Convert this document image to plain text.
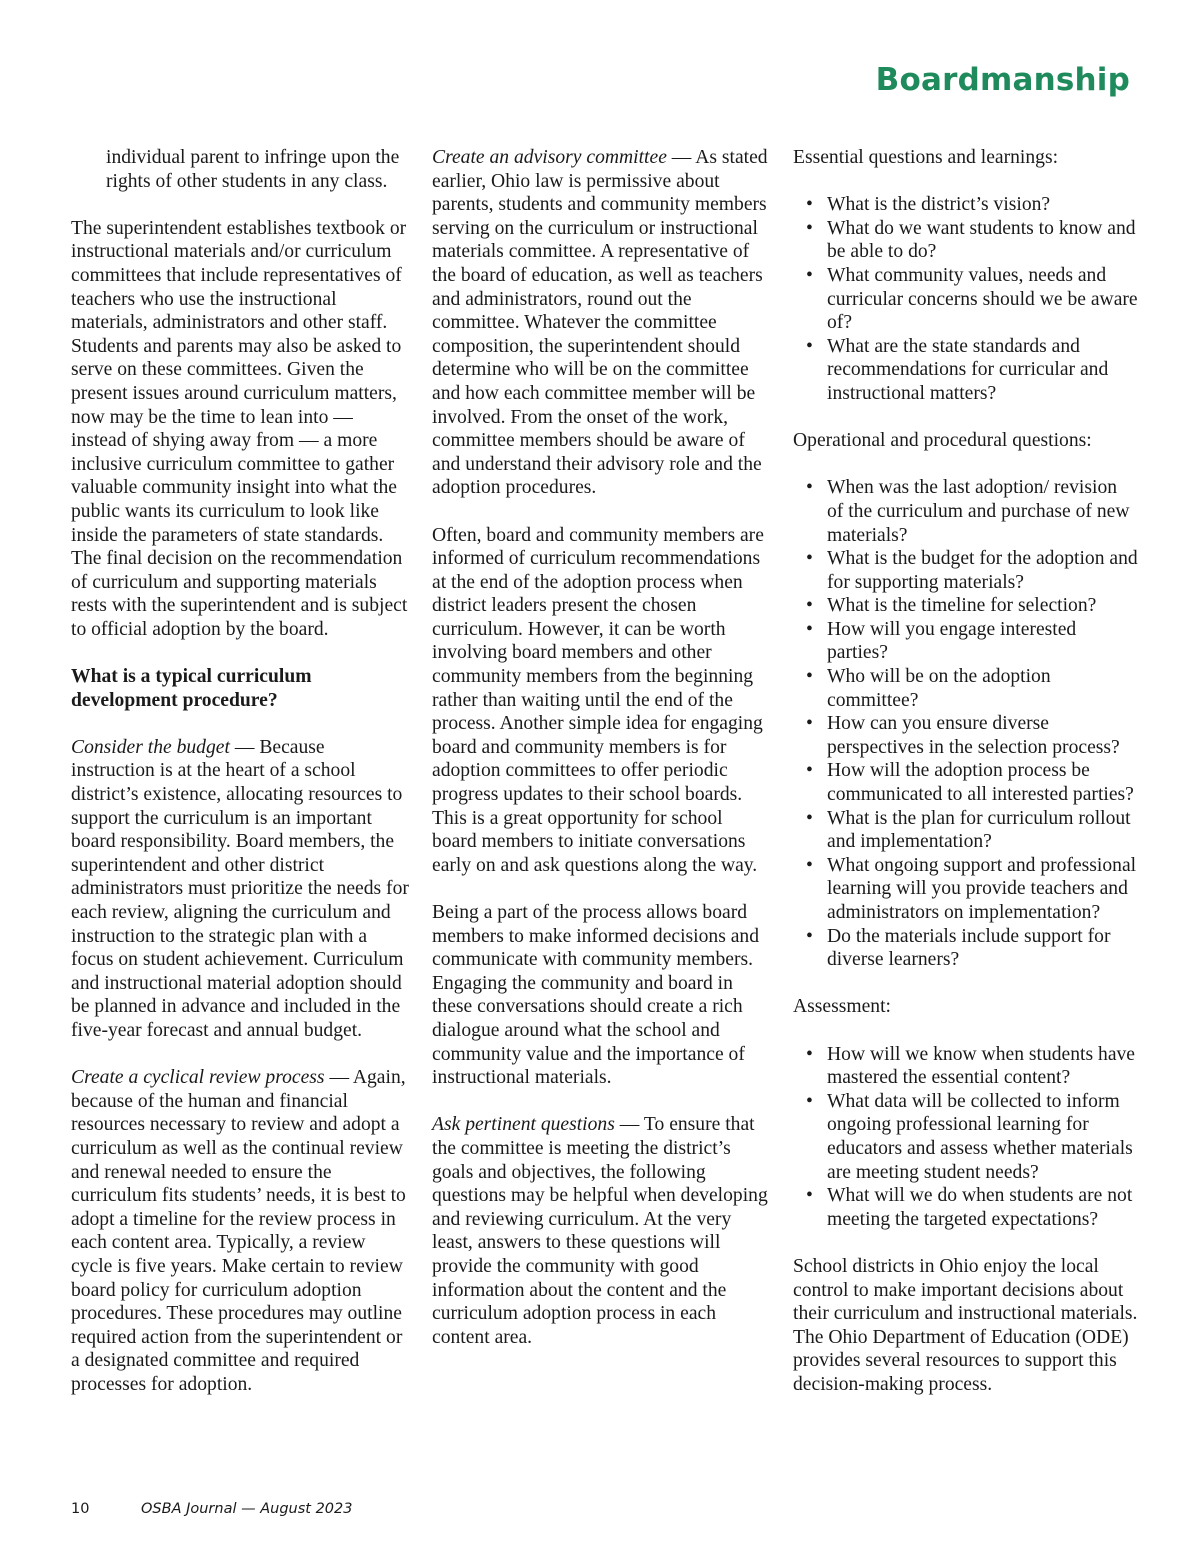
Boardmanship

individual parent to infringe upon the rights of other students in any class.

The superintendent establishes textbook or instructional materials and/or curriculum committees that include representatives of teachers who use the instructional materials, administrators and other staff. Students and parents may also be asked to serve on these committees. Given the present issues around curriculum matters, now may be the time to lean into — instead of shying away from — a more inclusive curriculum committee to gather valuable community insight into what the public wants its curriculum to look like inside the parameters of state standards. The final decision on the recommendation of curriculum and supporting materials rests with the superintendent and is subject to official adoption by the board.

What is a typical curriculum development procedure?

Consider the budget — Because instruction is at the heart of a school district’s existence, allocating resources to support the curriculum is an important board responsibility. Board members, the superintendent and other district administrators must prioritize the needs for each review, aligning the curriculum and instruction to the strategic plan with a focus on student achievement. Curriculum and instructional material adoption should be planned in advance and included in the five-year forecast and annual budget.

Create a cyclical review process — Again, because of the human and financial resources necessary to review and adopt a curriculum as well as the continual review and renewal needed to ensure the curriculum fits students’ needs, it is best to adopt a timeline for the review process in each content area. Typically, a review cycle is five years. Make certain to review board policy for curriculum adoption procedures. These procedures may outline required action from the superintendent or a designated committee and required processes for adoption.

Create an advisory committee — As stated earlier, Ohio law is permissive about parents, students and community members serving on the curriculum or instructional materials committee. A representative of the board of education, as well as teachers and administrators, round out the committee. Whatever the committee composition, the superintendent should determine who will be on the committee and how each committee member will be involved. From the onset of the work, committee members should be aware of and understand their advisory role and the adoption procedures.

Often, board and community members are informed of curriculum recommendations at the end of the adoption process when district leaders present the chosen curriculum. However, it can be worth involving board members and other community members from the beginning rather than waiting until the end of the process. Another simple idea for engaging board and community members is for adoption committees to offer periodic progress updates to their school boards. This is a great opportunity for school board members to initiate conversations early on and ask questions along the way.

Being a part of the process allows board members to make informed decisions and communicate with community members. Engaging the community and board in these conversations should create a rich dialogue around what the school and community value and the importance of instructional materials.

Ask pertinent questions — To ensure that the committee is meeting the district’s goals and objectives, the following questions may be helpful when developing and reviewing curriculum. At the very least, answers to these questions will provide the community with good information about the content and the curriculum adoption process in each content area.

Essential questions and learnings:

• What is the district’s vision?
• What do we want students to know and be able to do?
• What community values, needs and curricular concerns should we be aware of?
• What are the state standards and recommendations for curricular and instructional matters?

Operational and procedural questions:

• When was the last adoption/ revision of the curriculum and purchase of new materials?
• What is the budget for the adoption and for supporting materials?
• What is the timeline for selection?
• How will you engage interested parties?
• Who will be on the adoption committee?
• How can you ensure diverse perspectives in the selection process?
• How will the adoption process be communicated to all interested parties?
• What is the plan for curriculum rollout and implementation?
• What ongoing support and professional learning will you provide teachers and administrators on implementation?
• Do the materials include support for diverse learners?

Assessment:

• How will we know when students have mastered the essential content?
• What data will be collected to inform ongoing professional learning for educators and assess whether materials are meeting student needs?
• What will we do when students are not meeting the targeted expectations?

School districts in Ohio enjoy the local control to make important decisions about their curriculum and instructional materials. The Ohio Department of Education (ODE) provides several resources to support this decision-making process.

10	OSBA Journal — August 2023
